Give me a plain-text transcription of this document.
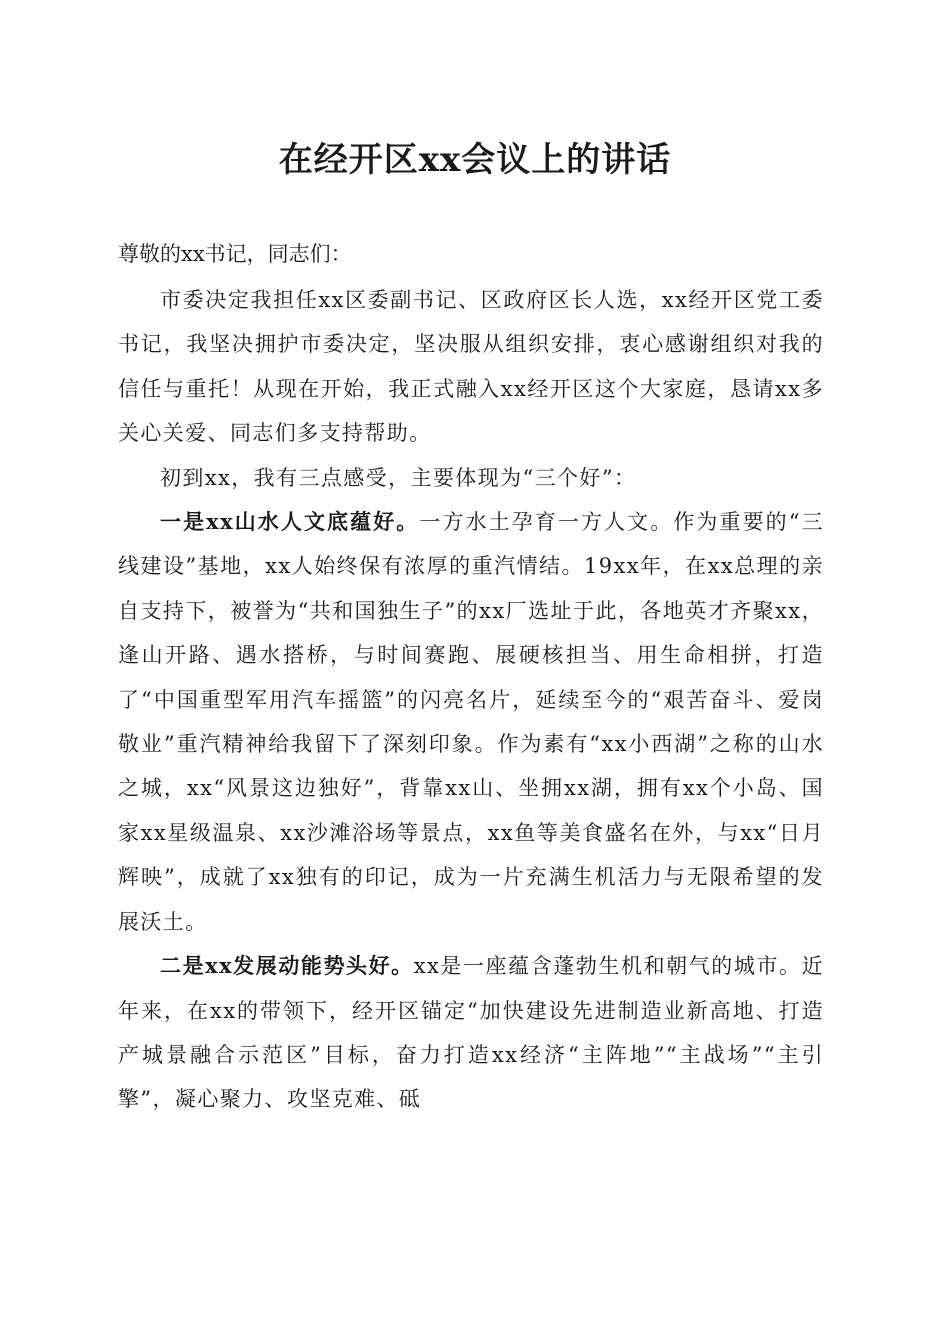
在经开区xx会议上的讲话

尊敬的xx书记，同志们：

市委决定我担任xx区委副书记、区政府区长人选，xx经开区党工委书记，我坚决拥护市委决定，坚决服从组织安排，衷心感谢组织对我的信任与重托！从现在开始，我正式融入xx经开区这个大家庭，恳请xx多关心关爱、同志们多支持帮助。

初到xx，我有三点感受，主要体现为“三个好”：

一是xx山水人文底蕴好。一方水土孕育一方人文。作为重要的“三线建设”基地，xx人始终保有浓厚的重汽情结。19xx年，在xx总理的亲自支持下，被誉为“共和国独生子”的xx厂选址于此，各地英才齐聚xx，逢山开路、遇水搭桥，与时间赛跑、展硬核担当、用生命相拼，打造了“中国重型军用汽车摇篮”的闪亮名片，延续至今的“艰苦奋斗、爱岗敬业”重汽精神给我留下了深刻印象。作为素有“xx小西湖”之称的山水之城，xx“风景这边独好”，背靠xx山、坐拥xx湖，拥有xx个小岛、国家xx星级温泉、xx沙滩浴场等景点，xx鱼等美食盛名在外，与xx“日月辉映”，成就了xx独有的印记，成为一片充满生机活力与无限希望的发展沃土。

二是xx发展动能势头好。xx是一座蕴含蓬勃生机和朝气的城市。近年来，在xx的带领下，经开区锚定“加快建设先进制造业新高地、打造产城景融合示范区”目标，奋力打造xx经济“主阵地”“主战场”“主引擎”，凝心聚力、攻坚克难、砥
